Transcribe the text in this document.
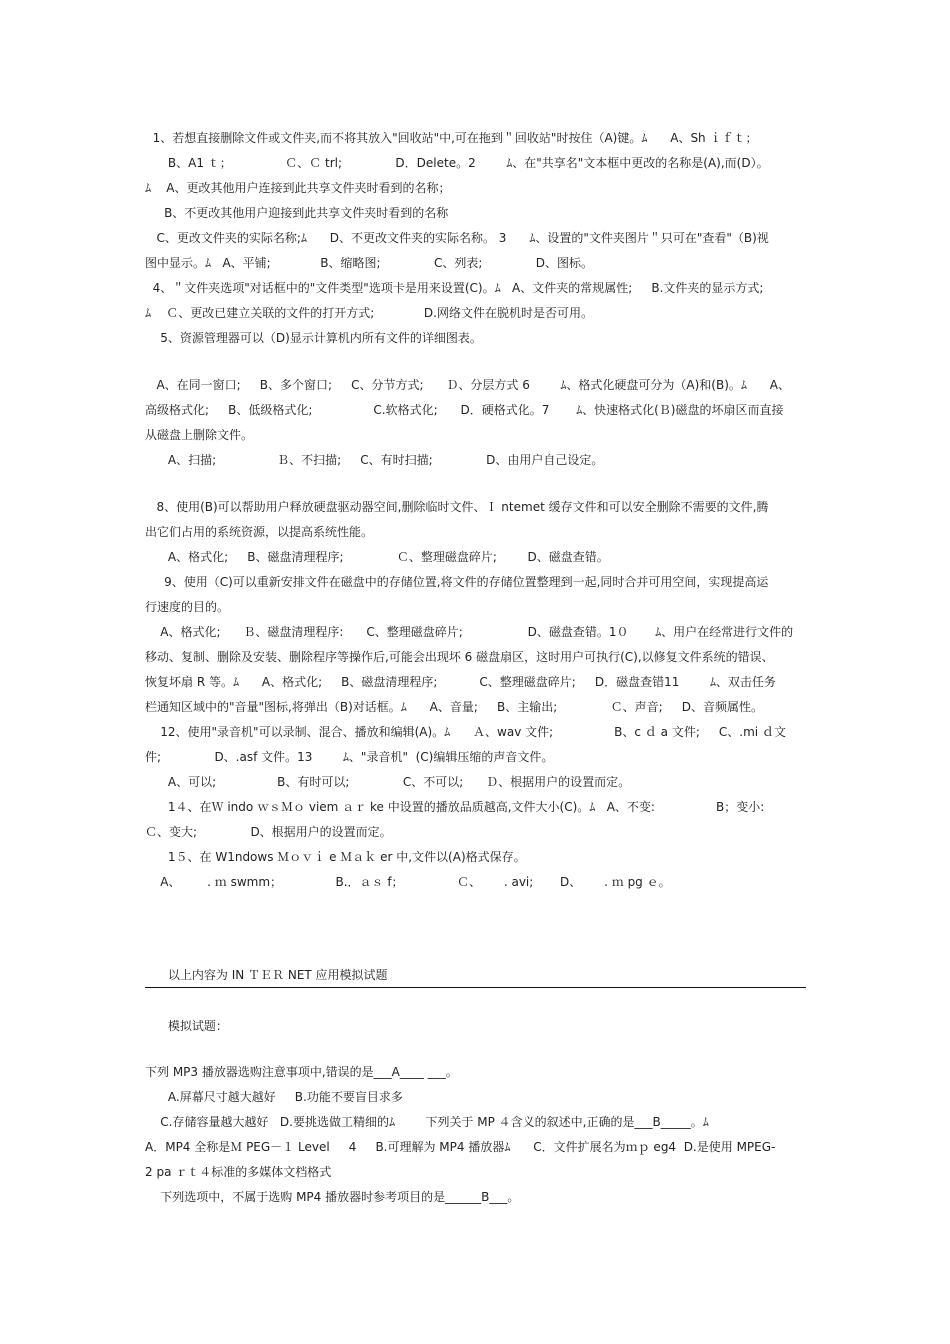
1、若想直接删除文件或文件夹,而不将其放入"回收站"中,可在拖到＂回收站"时按住（A)键。⁣ﾑ      A、Sh ｉｆｔ；
B、A1 ｔ；              Ｃ、Ｃ trl;              D．Delete。2        ﾑ、在"共享名"文本框中更改的名称是(A),而(D）。
ﾑ    A、更改其他用户连接到此共享文件夹时看到的名称；
B、不更改其他用户迎接到此共享文件夹时看到的名称
C、更改文件夹的实际名称;ﾑ      D、不更改文件夹的实际名称。 3      ﾑ、设置的"文件夹图片＂只可在"查看"（B)视
图中显示。ﾑ   A、平铺;             B、缩略图;              C、列表;              D、图标。
4、＂文件夹选项"对话框中的"文件类型"选项卡是用来设置(C)。ﾑ   A、文件夹的常规属性;     B.文件夹的显示方式;
ﾑ    Ｃ、更改已建立关联的文件的打开方式;             D.网络文件在脱机时是否可用。
5、资源管理器可以（D)显示计算机内所有文件的详细图表。
A、在同一窗口;     B、多个窗口;     C、分节方式;      Ｄ、分层方式 6        ﾑ、格式化硬盘可分为（A)和(B)。ﾑ      A、
高级格式化;     B、低级格式化;                C.软格式化;      D．硬格式化。7       ﾑ、快速格式化(Ｂ)磁盘的坏扇区而直接
从磁盘上删除文件。
A、扫描;                Ｂ、不扫描;     C、有时扫描;              D、由用户自己设定。
8、使用(B)可以帮助用户释放硬盘驱动器空间,删除临时文件、Ｉ ntemet 缓存文件和可以安全删除不需要的文件,腾
出它们占用的系统资源，以提高系统性能。
A、格式化;     B、磁盘清理程序;              Ｃ、整理磁盘碎片;        D、磁盘查错。
9、使用（C)可以重新安排文件在磁盘中的存储位置,将文件的存储位置整理到一起,同时合并可用空间，实现提高运
行速度的目的。
A、格式化;      Ｂ、磁盘清理程序:      C、整理磁盘碎片;                 D、磁盘查错。1０       ﾑ、用户在经常进行文件的
移动、复制、删除及安装、删除程序等操作后,可能会出现坏 6 磁盘扇区，这时用户可执行(C),以修复文件系统的错误、
恢复坏扇 R 等。ﾑ      A、格式化;     B、磁盘清理程序;           C、整理磁盘碎片;     D．磁盘查错11        ﾑ、双击任务
栏通知区域中的"音量"图标,将弹出（B)对话框。ﾑ      A、音量;     B、主输出;              Ｃ、声音;     D、音频属性。
12、使用"录音机"可以录制、混合、播放和编辑(A)。ﾑ      Ａ、wav 文件;                B、c ｄ a 文件;     C、.mi ｄ文
件;              D、.asf 文件。13        ﾑ、"录音机"  (C)编辑压缩的声音文件。
A、可以;                B、有时可以;              C、不可以;      Ｄ、根据用户的设置而定。
1４、在Ｗ indo ｗｓＭｏ viem ａｒ ke 中设置的播放品质越高,文件大小(C)。ﾑ   A、不变:                B；变小:
Ｃ、变大;              D、根据用户的设置而定。
1５、在 W1ndows Ｍｏｖｉ e Ｍａｋ er 中,文件以(A)格式保存。
A、       . ｍ swmm；              B.．ａｓ f；              Ｃ、      . avi;       D、      . ｍ pg ｅ。
以上内容为 IN ＴＥＲ NET 应用模拟试题
模拟试题：
下列 MP3 播放器选购注意事项中,错误的是___A____ ___。
A.屏幕尺寸越大越好     B.功能不要盲目求多
C.存储容量越大越好   D.要挑选做工精细的ﾑ        下列关于 MP ４含义的叙述中,正确的是___B_____。ﾑ
A．MP4 全称是Ｍ PEG－１ Level     4     B.可理解为 MP4 播放器ﾑ      C．文件扩展名为ｍｐ eg4  D.是使用 MPEG-
2 pa ｒｔ４标准的多媒体文档格式
下列选项中，不属于选购 MP4 播放器时参考项目的是______B___。
